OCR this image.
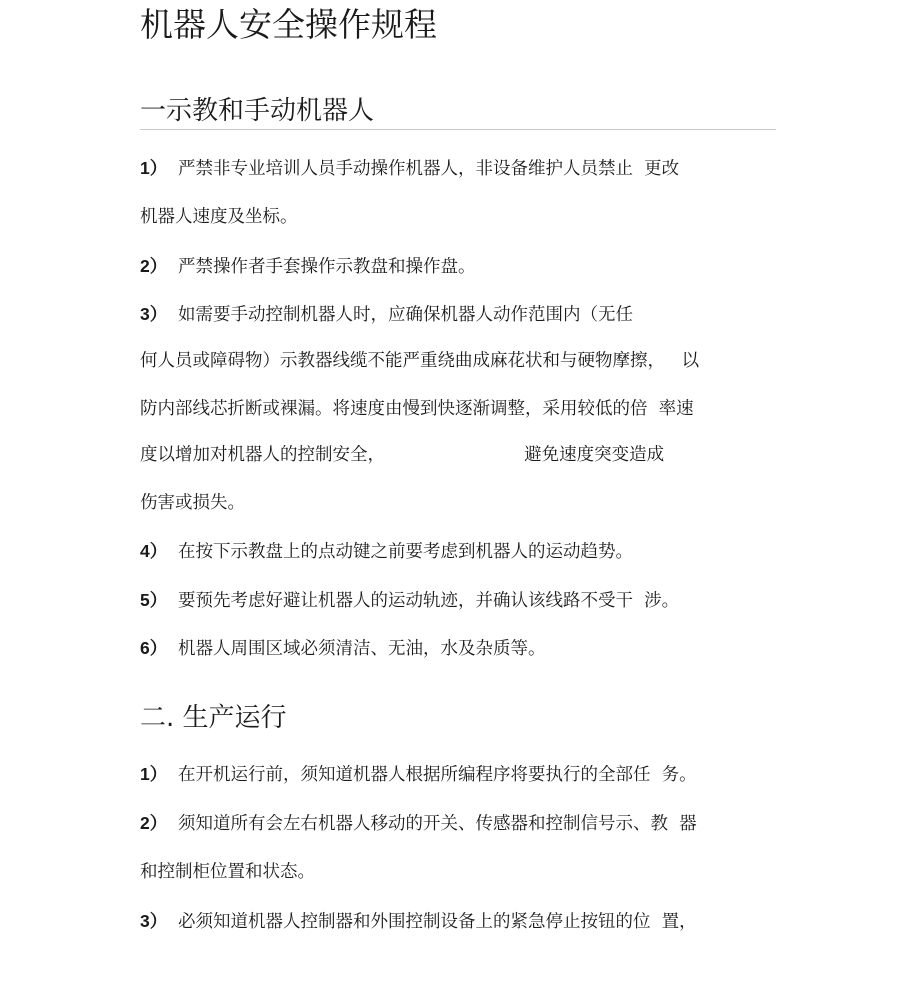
机器人安全操作规程
一示教和手动机器人

1） 严禁非专业培训人员手动操作机器人，非设备维护人员禁止  更改

机器人速度及坐标。

2） 严禁操作者手套操作示教盘和操作盘。

3） 如需要手动控制机器人时，应确保机器人动作范围内（无任

何人员或障碍物）示教器线缆不能严重绕曲成麻花状和与硬物摩擦，   以

防内部线芯折断或裸漏。将速度由慢到快逐渐调整，采用较低的倍  率速

度以增加对机器人的控制安全，                         避免速度突变造成

伤害或损失。

4） 在按下示教盘上的点动键之前要考虑到机器人的运动趋势。

5） 要预先考虑好避让机器人的运动轨迹，并确认该线路不受干  涉。

6） 机器人周围区域必须清洁、无油，水及杂质等。

二. 生产运行

1） 在开机运行前，须知道机器人根据所编程序将要执行的全部任  务。

2） 须知道所有会左右机器人移动的开关、传感器和控制信号示、教  器

和控制柜位置和状态。

3） 必须知道机器人控制器和外围控制设备上的紧急停止按钮的位  置，
